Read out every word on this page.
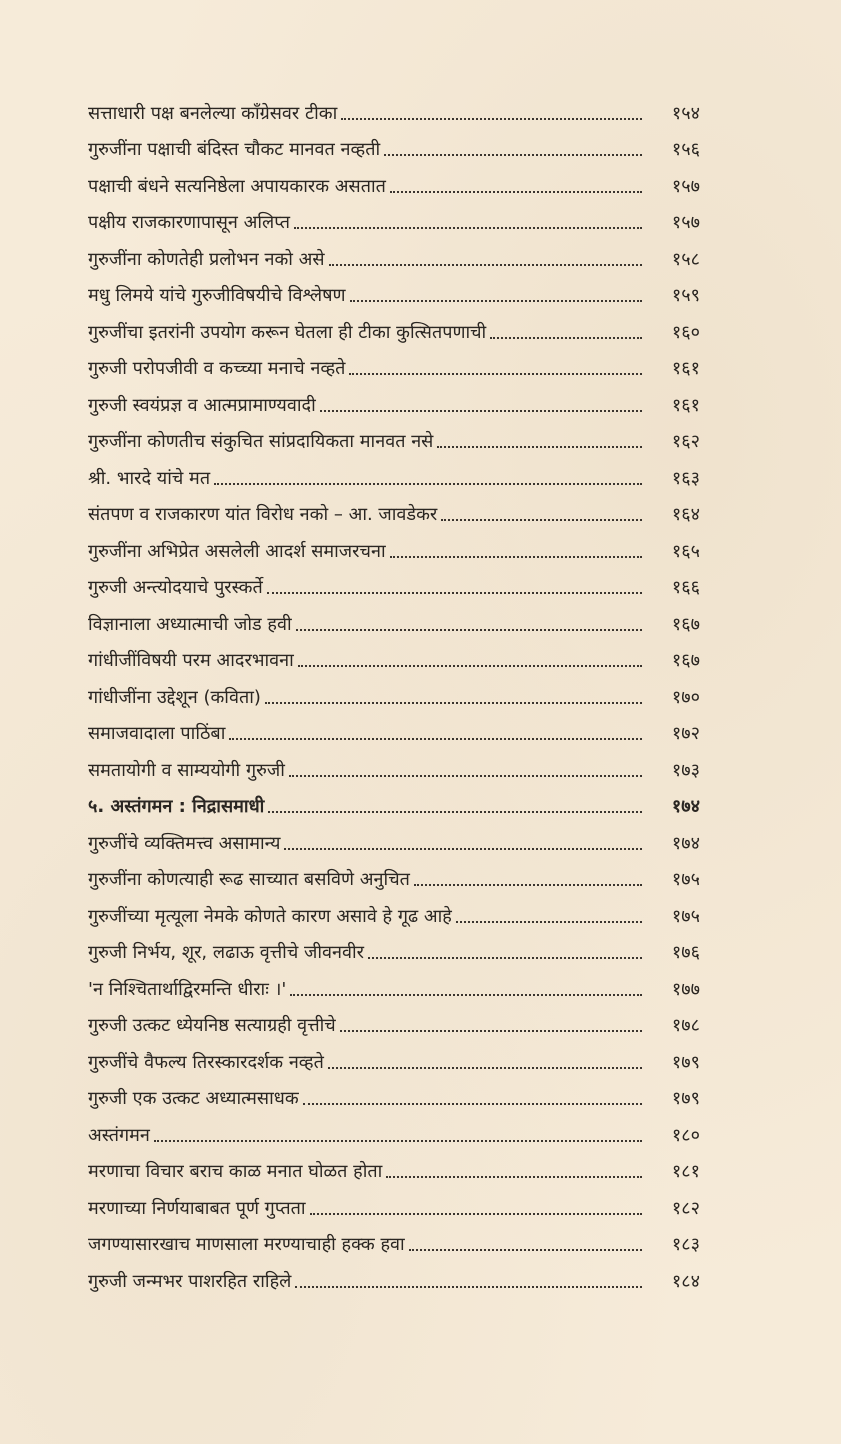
सत्ताधारी पक्ष बनलेल्या काँग्रेसवर टीका	१५४
गुरुजींना पक्षाची बंदिस्त चौकट मानवत नव्हती	१५६
पक्षाची बंधने सत्यनिष्ठेला अपायकारक असतात	१५७
पक्षीय राजकारणापासून अलिप्त	१५७
गुरुजींना कोणतेही प्रलोभन नको असे	१५८
मधु लिमये यांचे गुरुजीविषयीचे विश्लेषण	१५९
गुरुजींचा इतरांनी उपयोग करून घेतला ही टीका कुत्सितपणाची	१६०
गुरुजी परोपजीवी व कच्च्या मनाचे नव्हते	१६१
गुरुजी स्वयंप्रज्ञ व आत्मप्रामाण्यवादी	१६१
गुरुजींना कोणतीच संकुचित सांप्रदायिकता मानवत नसे	१६२
श्री. भारदे यांचे मत	१६३
संतपण व राजकारण यांत विरोध नको – आ. जावडेकर	१६४
गुरुजींना अभिप्रेत असलेली आदर्श समाजरचना	१६५
गुरुजी अन्त्योदयाचे पुरस्कर्ते	१६६
विज्ञानाला अध्यात्माची जोड हवी	१६७
गांधीजींविषयी परम आदरभावना	१६७
गांधीजींना उद्देशून (कविता)	१७०
समाजवादाला पाठिंबा	१७२
समतायोगी व साम्ययोगी गुरुजी	१७३
५. अस्तंगमन : निद्रासमाधी	१७४
गुरुजींचे व्यक्तिमत्त्व असामान्य	१७४
गुरुजींना कोणत्याही रूढ साच्यात बसविणे अनुचित	१७५
गुरुजींच्या मृत्यूला नेमके कोणते कारण असावे हे गूढ आहे	१७५
गुरुजी निर्भय, शूर, लढाऊ वृत्तीचे जीवनवीर	१७६
'न निश्चितार्थाद्विरमन्ति धीराः ।'	१७७
गुरुजी उत्कट ध्येयनिष्ठ सत्याग्रही वृत्तीचे	१७८
गुरुजींचे वैफल्य तिरस्कारदर्शक नव्हते	१७९
गुरुजी एक उत्कट अध्यात्मसाधक	१७९
अस्तंगमन	१८०
मरणाचा विचार बराच काळ मनात घोळत होता	१८१
मरणाच्या निर्णयाबाबत पूर्ण गुप्तता	१८२
जगण्यासारखाच माणसाला मरण्याचाही हक्क हवा	१८३
गुरुजी जन्मभर पाशरहित राहिले	१८४
